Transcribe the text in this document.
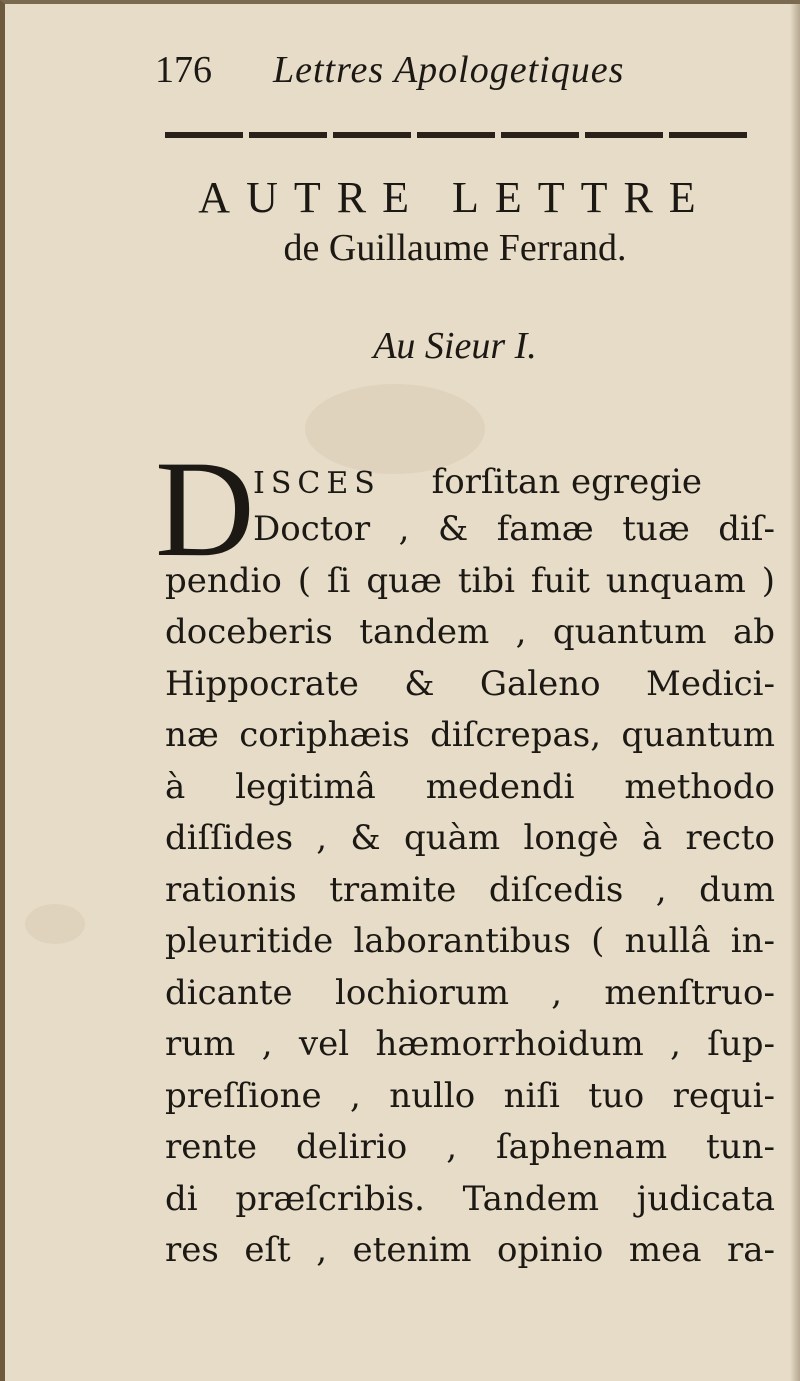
176 Lettres Apologetiques
AUTRE LETTRE
de Guillaume Ferrand.
Au Sieur I.
D
ISCES forſitan egregie
Doctor , & famæ tuæ diſ-
pendio ( ſi quæ tibi fuit unquam )
doceberis tandem , quantum ab
Hippocrate & Galeno Medici-
næ coriphæis diſcrepas, quantum
à legitimâ medendi methodo
diſſides , & quàm longè à recto
rationis tramite diſcedis , dum
pleuritide laborantibus ( nullâ in-
dicante lochiorum , menſtruo-
rum , vel hæmorrhoidum , ſup-
preſſione , nullo niſi tuo requi-
rente delirio , ſaphenam tun-
di præſcribis. Tandem judicata
res eſt , etenim opinio mea ra-
